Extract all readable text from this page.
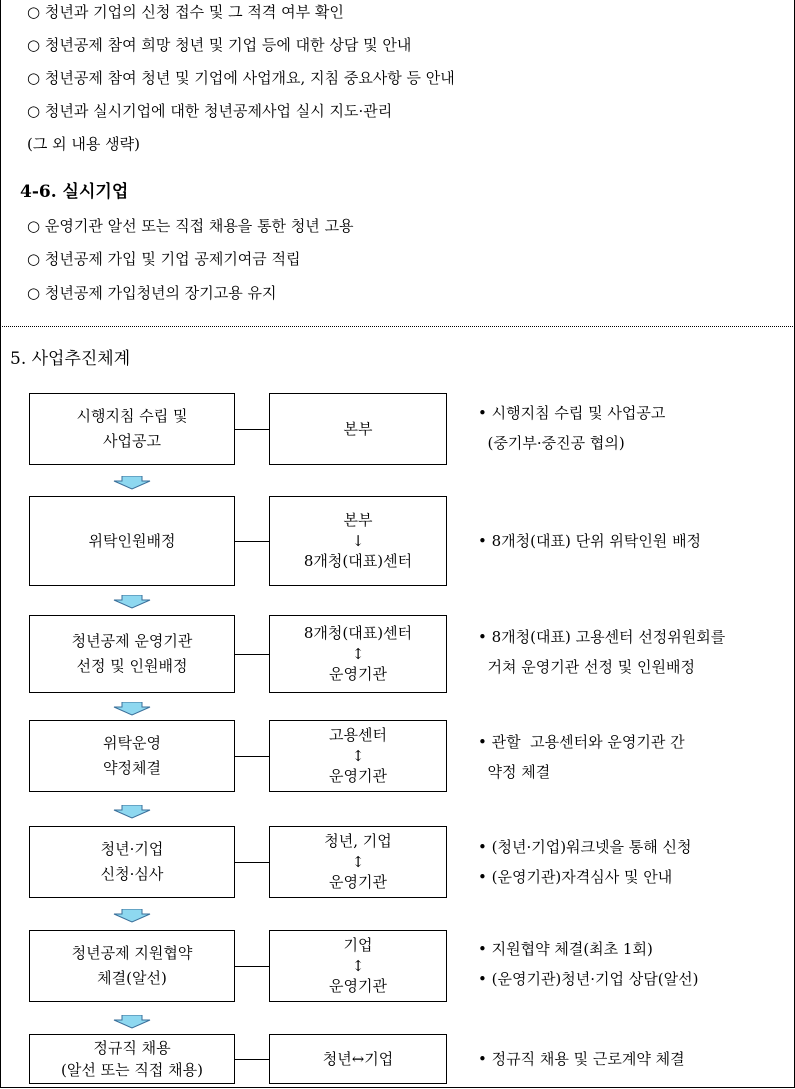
○ 청년과 기업의 신청 접수 및 그 적격 여부 확인
○ 청년공제 참여 희망 청년 및 기업 등에 대한 상담 및 안내
○ 청년공제 참여 청년 및 기업에 사업개요, 지침 중요사항 등 안내
○ 청년과 실시기업에 대한 청년공제사업 실시 지도·관리
(그 외 내용 생략)
4-6. 실시기업
○ 운영기관 알선 또는 직접 채용을 통한 청년 고용
○ 청년공제 가입 및 기업 공제기여금 적립
○ 청년공제 가입청년의 장기고용 유지
5. 사업추진체계
시행지침 수립 및
사업공고
본부
• 시행지침 수립 및 사업공고
(중기부·중진공 협의)
위탁인원배정
본부
↓
8개청(대표)센터
• 8개청(대표) 단위 위탁인원 배정
청년공제 운영기관
선정 및 인원배정
8개청(대표)센터
↕
운영기관
• 8개청(대표) 고용센터 선정위원회를
거쳐 운영기관 선정 및 인원배정
위탁운영
약정체결
고용센터
↕
운영기관
• 관할  고용센터와 운영기관 간
약정 체결
청년·기업
신청·심사
청년, 기업
↕
운영기관
• (청년·기업)워크넷을 통해 신청
• (운영기관)자격심사 및 안내
청년공제 지원협약
체결(알선)
기업
↕
운영기관
• 지원협약 체결(최초 1회)
• (운영기관)청년·기업 상담(알선)
정규직 채용
(알선 또는 직접 채용)
청년↔기업	• 정규직 채용 및 근로계약 체결
